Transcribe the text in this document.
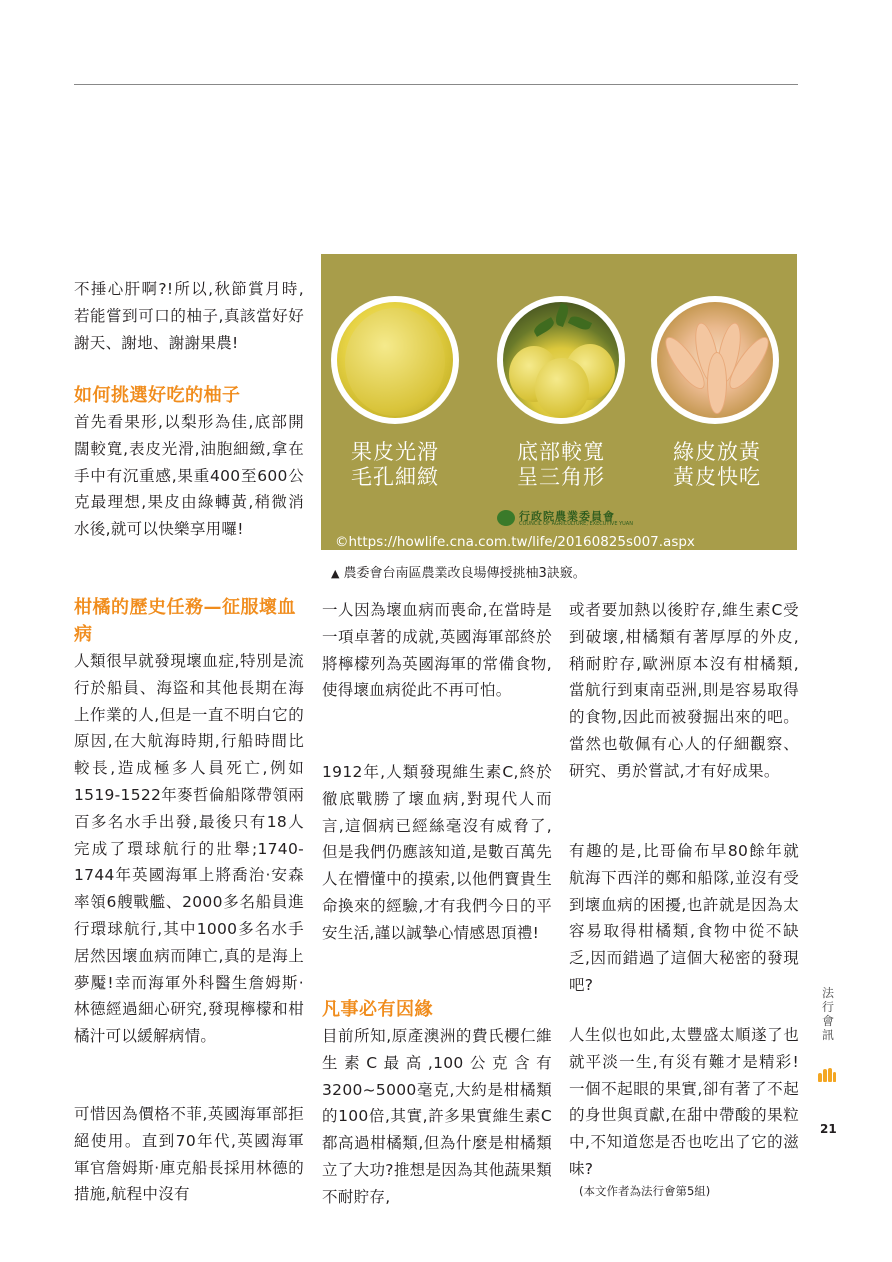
不捶心肝啊?!所以,秋節賞月時,若能嘗到可口的柚子,真該當好好謝天、謝地、謝謝果農!

如何挑選好吃的柚子

首先看果形,以梨形為佳,底部開闊較寬,表皮光滑,油胞細緻,拿在手中有沉重感,果重400至600公克最理想,果皮由綠轉黃,稍微消水後,就可以快樂享用囉!

柑橘的歷史任務—征服壞血病

人類很早就發現壞血症,特別是流行於船員、海盜和其他長期在海上作業的人,但是一直不明白它的原因,在大航海時期,行船時間比較長,造成極多人員死亡,例如1519-1522年麥哲倫船隊帶領兩百多名水手出發,最後只有18人完成了環球航行的壯舉;1740-1744年英國海軍上將喬治·安森率領6艘戰艦、2000多名船員進行環球航行,其中1000多名水手居然因壞血病而陣亡,真的是海上夢魘!幸而海軍外科醫生詹姆斯·林德經過細心研究,發現檸檬和柑橘汁可以緩解病情。

可惜因為價格不菲,英國海軍部拒絕使用。直到70年代,英國海軍軍官詹姆斯·庫克船長採用林德的措施,航程中沒有

果皮光滑
毛孔細緻
底部較寬
呈三角形
綠皮放黃
黃皮快吃
行政院農業委員會
COUNCIL OF AGRICULTURE, EXECUTIVE YUAN
©https://howlife.cna.com.tw/life/20160825s007.aspx
▲ 農委會台南區農業改良場傳授挑柚3訣竅。

一人因為壞血病而喪命,在當時是一項卓著的成就,英國海軍部終於將檸檬列為英國海軍的常備食物,使得壞血病從此不再可怕。

1912年,人類發現維生素C,終於徹底戰勝了壞血病,對現代人而言,這個病已經絲毫沒有威脅了,但是我們仍應該知道,是數百萬先人在懵懂中的摸索,以他們寶貴生命換來的經驗,才有我們今日的平安生活,謹以誠摯心情感恩頂禮!

凡事必有因緣

目前所知,原產澳洲的費氏櫻仁維生素C最高,100公克含有3200~5000毫克,大約是柑橘類的100倍,其實,許多果實維生素C都高過柑橘類,但為什麼是柑橘類立了大功?推想是因為其他蔬果類不耐貯存,

或者要加熱以後貯存,維生素C受到破壞,柑橘類有著厚厚的外皮,稍耐貯存,歐洲原本沒有柑橘類,當航行到東南亞洲,則是容易取得的食物,因此而被發掘出來的吧。當然也敬佩有心人的仔細觀察、研究、勇於嘗試,才有好成果。

有趣的是,比哥倫布早80餘年就航海下西洋的鄭和船隊,並沒有受到壞血病的困擾,也許就是因為太容易取得柑橘類,食物中從不缺乏,因而錯過了這個大秘密的發現吧?

人生似也如此,太豐盛太順遂了也就平淡一生,有災有難才是精彩!一個不起眼的果實,卻有著了不起的身世與貢獻,在甜中帶酸的果粒中,不知道您是否也吃出了它的滋味?

(本文作者為法行會第5組)

法
行
會
訊
21
